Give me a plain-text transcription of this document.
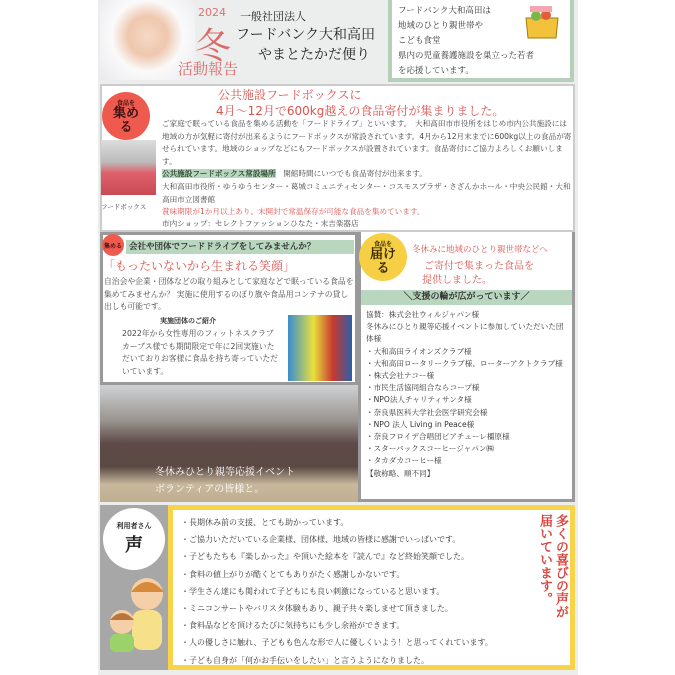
2024
冬
活動報告
一般社団法人
フードバンク大和高田
やまとたかだ便り
フードバンク大和高田は
地域のひとり親世帯や
こども食堂
県内の児童養護施設を巣立った若者
を応援しています。
食品を
集める
フードボックス
公共施設フードボックスに
4月〜12月で600kg越えの食品寄付が集まりました。
ご家庭で眠っている食品を集める活動を「フードドライブ」といいます。　大和高田市市役所をはじめ市内公共施設には地域の方が気軽に寄付が出来るようにフードボックスが常設されています。4月から12月末までに600kg以上の食品が寄せられています。地域のショップなどにもフードボックスが設置されています。食品寄付にご協力よろしくお願いします。
公共施設フードボックス常設場所　 開館時間にいつでも食品寄付が出来ます。
大和高田市役所・ゆうゆうセンター・葛城コミュニティセンター・コスモスプラザ・さざんかホール・中央公民館・大和高田市立図書館
賞味期限が1か月以上あり、未開封で常温保存が可能な食品を集めています。
市内ショップ：セレクトファッションひなた・末吉楽器店
集める 会社や団体でフードドライブをしてみませんか？
「もったいないから生まれる笑顔」
自治会や企業・団体などの取り組みとして家庭などで眠っている食品を集めてみませんか？ 実施に使用するのぼり旗や食品用コンテナの貸し出しも可能です。
実施団体のご紹介
2022年から女性専用のフィットネスクラブカーブス様でも期間限定で年に2回実施いただいておりお客様に食品を持ち寄っていただいています。
食品を
届ける
冬休みに地域のひとり親世帯などへ
ご寄付で集まった食品を
提供しました。
＼支援の輪が広がっています／
協賛：株式会社ウィルジャパン様
冬休みにひとり親等応援イベントに参加していただいた団体様
・大和高田ライオンズクラブ様
・大和高田ロータリークラブ様、ローターアクトクラブ様
・株式会社ナコー様
・市民生活協同組合ならコープ様
・NPO法人チャリティサンタ様
・奈良県医科大学社会医学研究会様
・NPO 法人 Living in Peace様
・奈良フロイデ合唱団ビアチューレ橿原様
・スターバックスコーヒージャパン㈱
・タカダカコーヒー様
【敬称略、順不同】
冬休みひとり親等応援イベント
ボランティアの皆様と。
利用者さん
声
・長期休み前の支援、とても助かっています。
・ご協力いただいている企業様、団体様、地域の皆様に感謝でいっぱいです。
・子どもたちも『楽しかった』や頂いた絵本を『読んで』など終始笑顔でした。
・食料の値上がりが酷くとてもありがたく感謝しかないです。
・学生さん達にも関われて子どもにも良い刺激になっていると思います。
・ミニコンサートやバリスタ体験もあり、親子共々楽しませて頂きました。
・食料品などを頂けるたびに気持ちにも少し余裕ができます。
・人の優しさに触れ、子どもも色んな形で人に優しくいよう！と思ってくれています。
・子ども自身が「何かお手伝いをしたい」と言うようになりました。
多くの喜びの声が
届いています。
